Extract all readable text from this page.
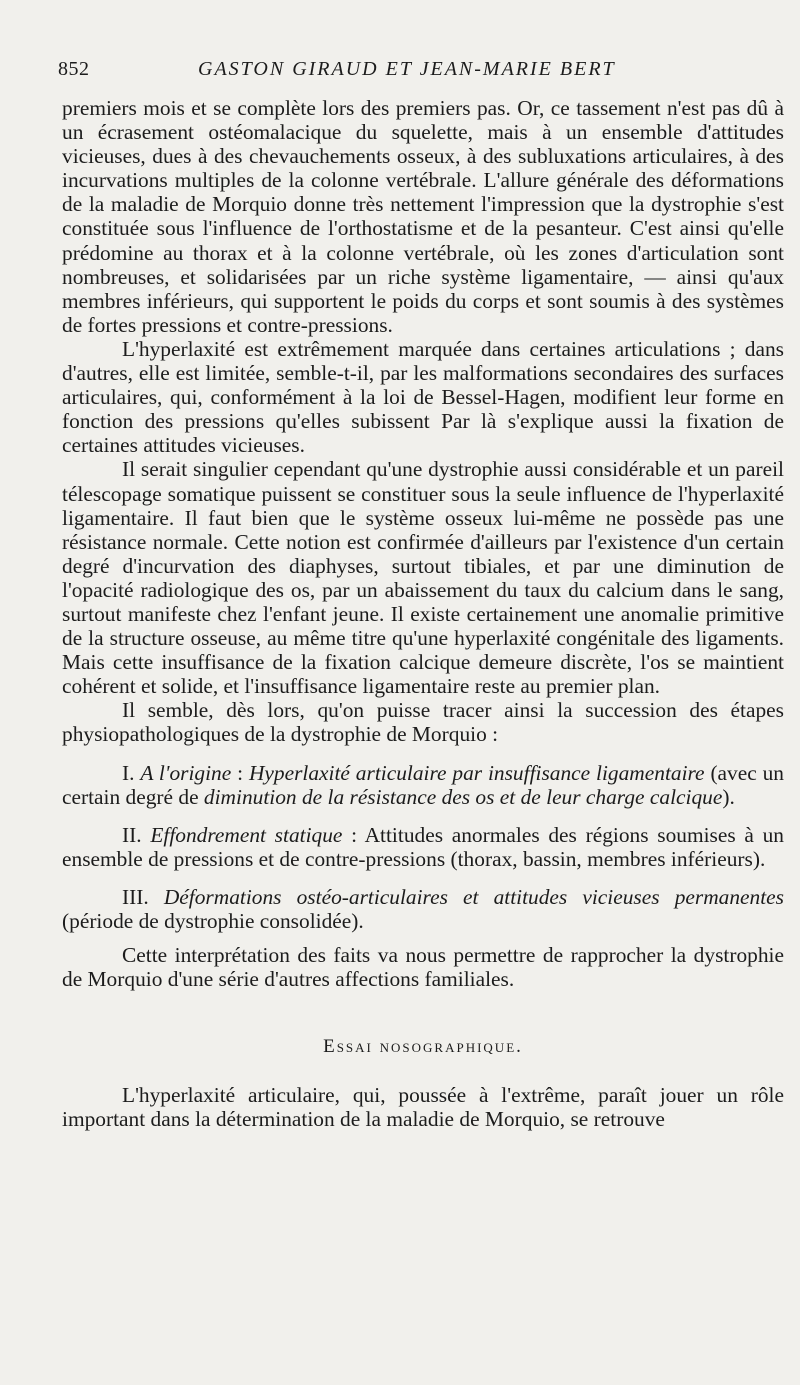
852	GASTON GIRAUD ET JEAN-MARIE BERT

premiers mois et se complète lors des premiers pas. Or, ce tassement n'est pas dû à un écrasement ostéomalacique du squelette, mais à un ensemble d'attitudes vicieuses, dues à des chevauchements osseux, à des subluxations articulaires, à des incurvations multiples de la colonne vertébrale. L'allure générale des déformations de la maladie de Morquio donne très nettement l'impression que la dystrophie s'est constituée sous l'influence de l'orthostatisme et de la pesanteur. C'est ainsi qu'elle prédomine au thorax et à la colonne vertébrale, où les zones d'articulation sont nombreuses, et solidarisées par un riche système ligamentaire, — ainsi qu'aux membres inférieurs, qui supportent le poids du corps et sont soumis à des systèmes de fortes pressions et contre-pressions.

L'hyperlaxité est extrêmement marquée dans certaines articulations ; dans d'autres, elle est limitée, semble-t-il, par les malformations secondaires des surfaces articulaires, qui, conformément à la loi de Bessel-Hagen, modifient leur forme en fonction des pressions qu'elles subissent Par là s'explique aussi la fixation de certaines attitudes vicieuses.

Il serait singulier cependant qu'une dystrophie aussi considérable et un pareil télescopage somatique puissent se constituer sous la seule influence de l'hyperlaxité ligamentaire. Il faut bien que le système osseux lui-même ne possède pas une résistance normale. Cette notion est confirmée d'ailleurs par l'existence d'un certain degré d'incurvation des diaphyses, surtout tibiales, et par une diminution de l'opacité radiologique des os, par un abaissement du taux du calcium dans le sang, surtout manifeste chez l'enfant jeune. Il existe certainement une anomalie primitive de la structure osseuse, au même titre qu'une hyperlaxité congénitale des ligaments. Mais cette insuffisance de la fixation calcique demeure discrète, l'os se maintient cohérent et solide, et l'insuffisance ligamentaire reste au premier plan.

Il semble, dès lors, qu'on puisse tracer ainsi la succession des étapes physiopathologiques de la dystrophie de Morquio :

I. A l'origine : Hyperlaxité articulaire par insuffisance ligamentaire (avec un certain degré de diminution de la résistance des os et de leur charge calcique).

II. Effondrement statique : Attitudes anormales des régions soumises à un ensemble de pressions et de contre-pressions (thorax, bassin, membres inférieurs).

III. Déformations ostéo-articulaires et attitudes vicieuses permanentes (période de dystrophie consolidée).

Cette interprétation des faits va nous permettre de rapprocher la dystrophie de Morquio d'une série d'autres affections familiales.

Essai nosographique.

L'hyperlaxité articulaire, qui, poussée à l'extrême, paraît jouer un rôle important dans la détermination de la maladie de Morquio, se retrouve
